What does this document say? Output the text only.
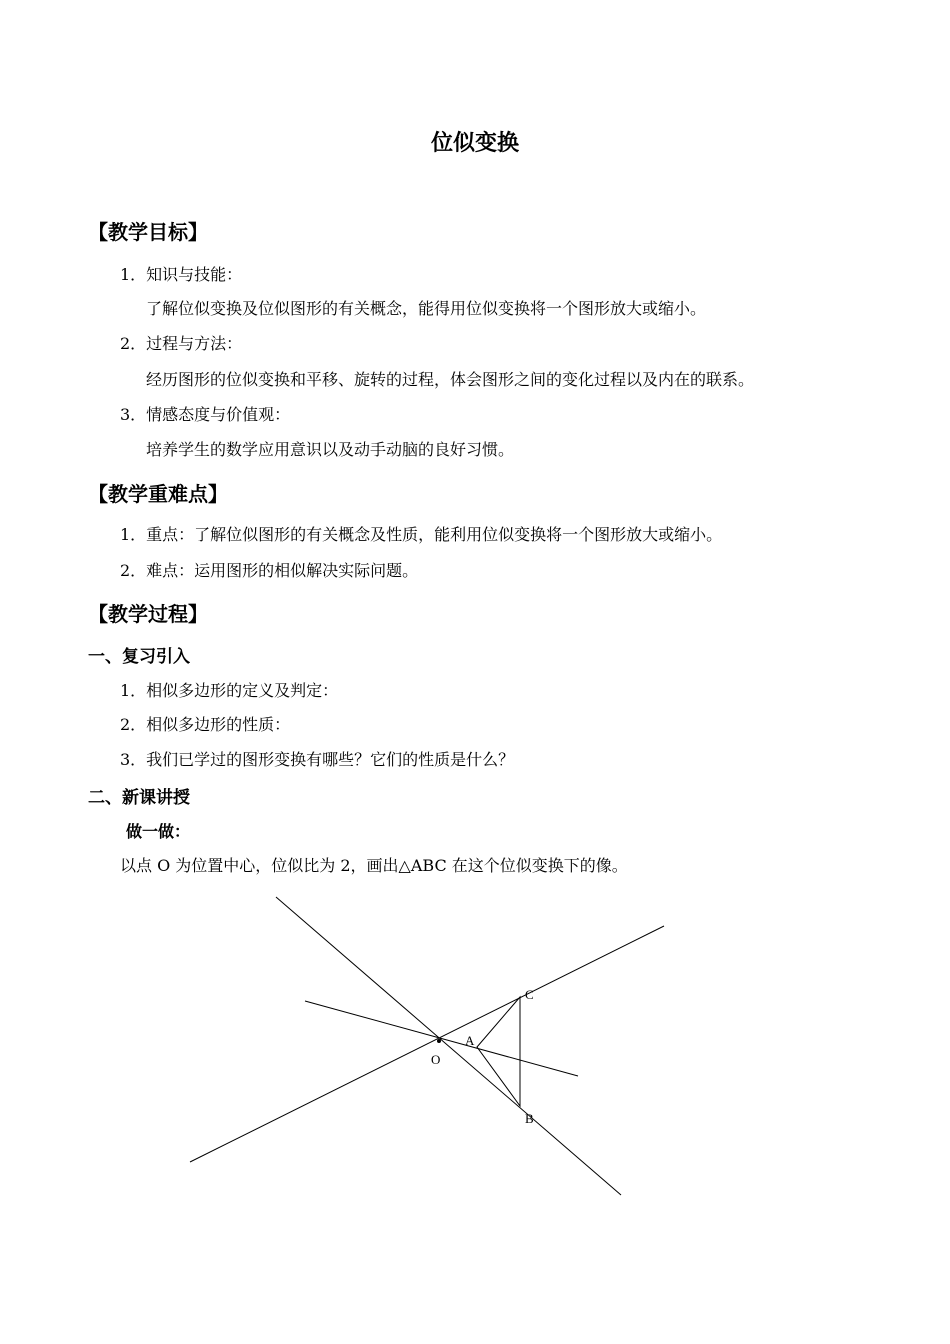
位似变换
【教学目标】
1．知识与技能：
了解位似变换及位似图形的有关概念，能得用位似变换将一个图形放大或缩小。
2．过程与方法：
经历图形的位似变换和平移、旋转的过程，体会图形之间的变化过程以及内在的联系。
3．情感态度与价值观：
培养学生的数学应用意识以及动手动脑的良好习惯。
【教学重难点】
1．重点：了解位似图形的有关概念及性质，能利用位似变换将一个图形放大或缩小。
2．难点：运用图形的相似解决实际问题。
【教学过程】
一、复习引入
1．相似多边形的定义及判定：
2．相似多边形的性质：
3．我们已学过的图形变换有哪些？它们的性质是什么？
二、新课讲授
做一做：
以点 O 为位置中心，位似比为 2，画出△ABC 在这个位似变换下的像。
O
A
B
C
